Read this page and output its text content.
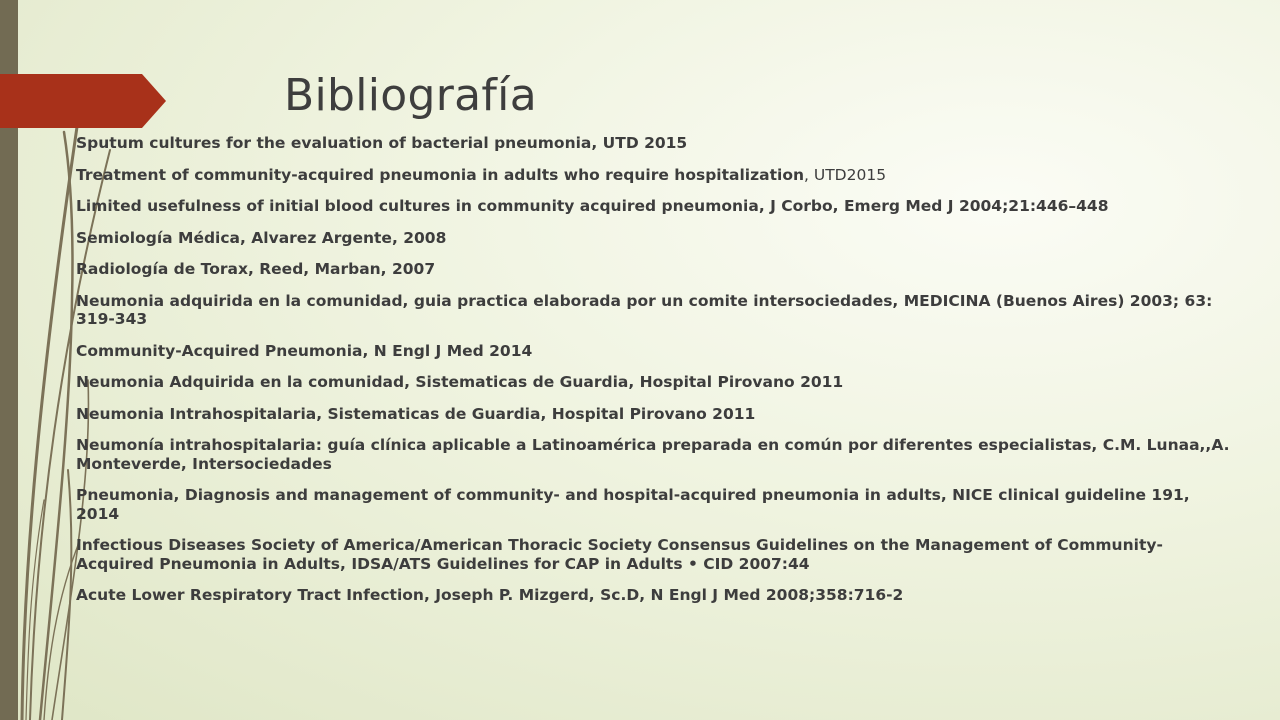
Bibliografía
Sputum cultures for the evaluation of bacterial pneumonia, UTD 2015
Treatment of community-acquired pneumonia in adults who require hospitalization, UTD2015
Limited usefulness of initial blood cultures in community acquired pneumonia, J Corbo, Emerg Med J 2004;21:446–448
Semiología Médica, Alvarez Argente, 2008
Radiología de Torax, Reed, Marban, 2007
Neumonia adquirida en la comunidad, guia practica elaborada por un comite intersociedades, MEDICINA (Buenos Aires) 2003; 63: 319-343
Community-Acquired Pneumonia, N Engl J Med 2014
Neumonia Adquirida en la comunidad, Sistematicas de Guardia, Hospital Pirovano 2011
Neumonia Intrahospitalaria, Sistematicas de Guardia, Hospital Pirovano 2011
Neumonía intrahospitalaria: guía clínica aplicable a Latinoamérica preparada en común por diferentes especialistas, C.M. Lunaa,,A. Monteverde, Intersociedades
Pneumonia, Diagnosis and management of community- and hospital-acquired pneumonia in adults, NICE clinical guideline 191, 2014
Infectious Diseases Society of America/American Thoracic Society Consensus Guidelines on the Management of Community-Acquired Pneumonia in Adults, IDSA/ATS Guidelines for CAP in Adults • CID 2007:44
Acute Lower Respiratory Tract Infection, Joseph P. Mizgerd, Sc.D, N Engl J Med 2008;358:716-2
